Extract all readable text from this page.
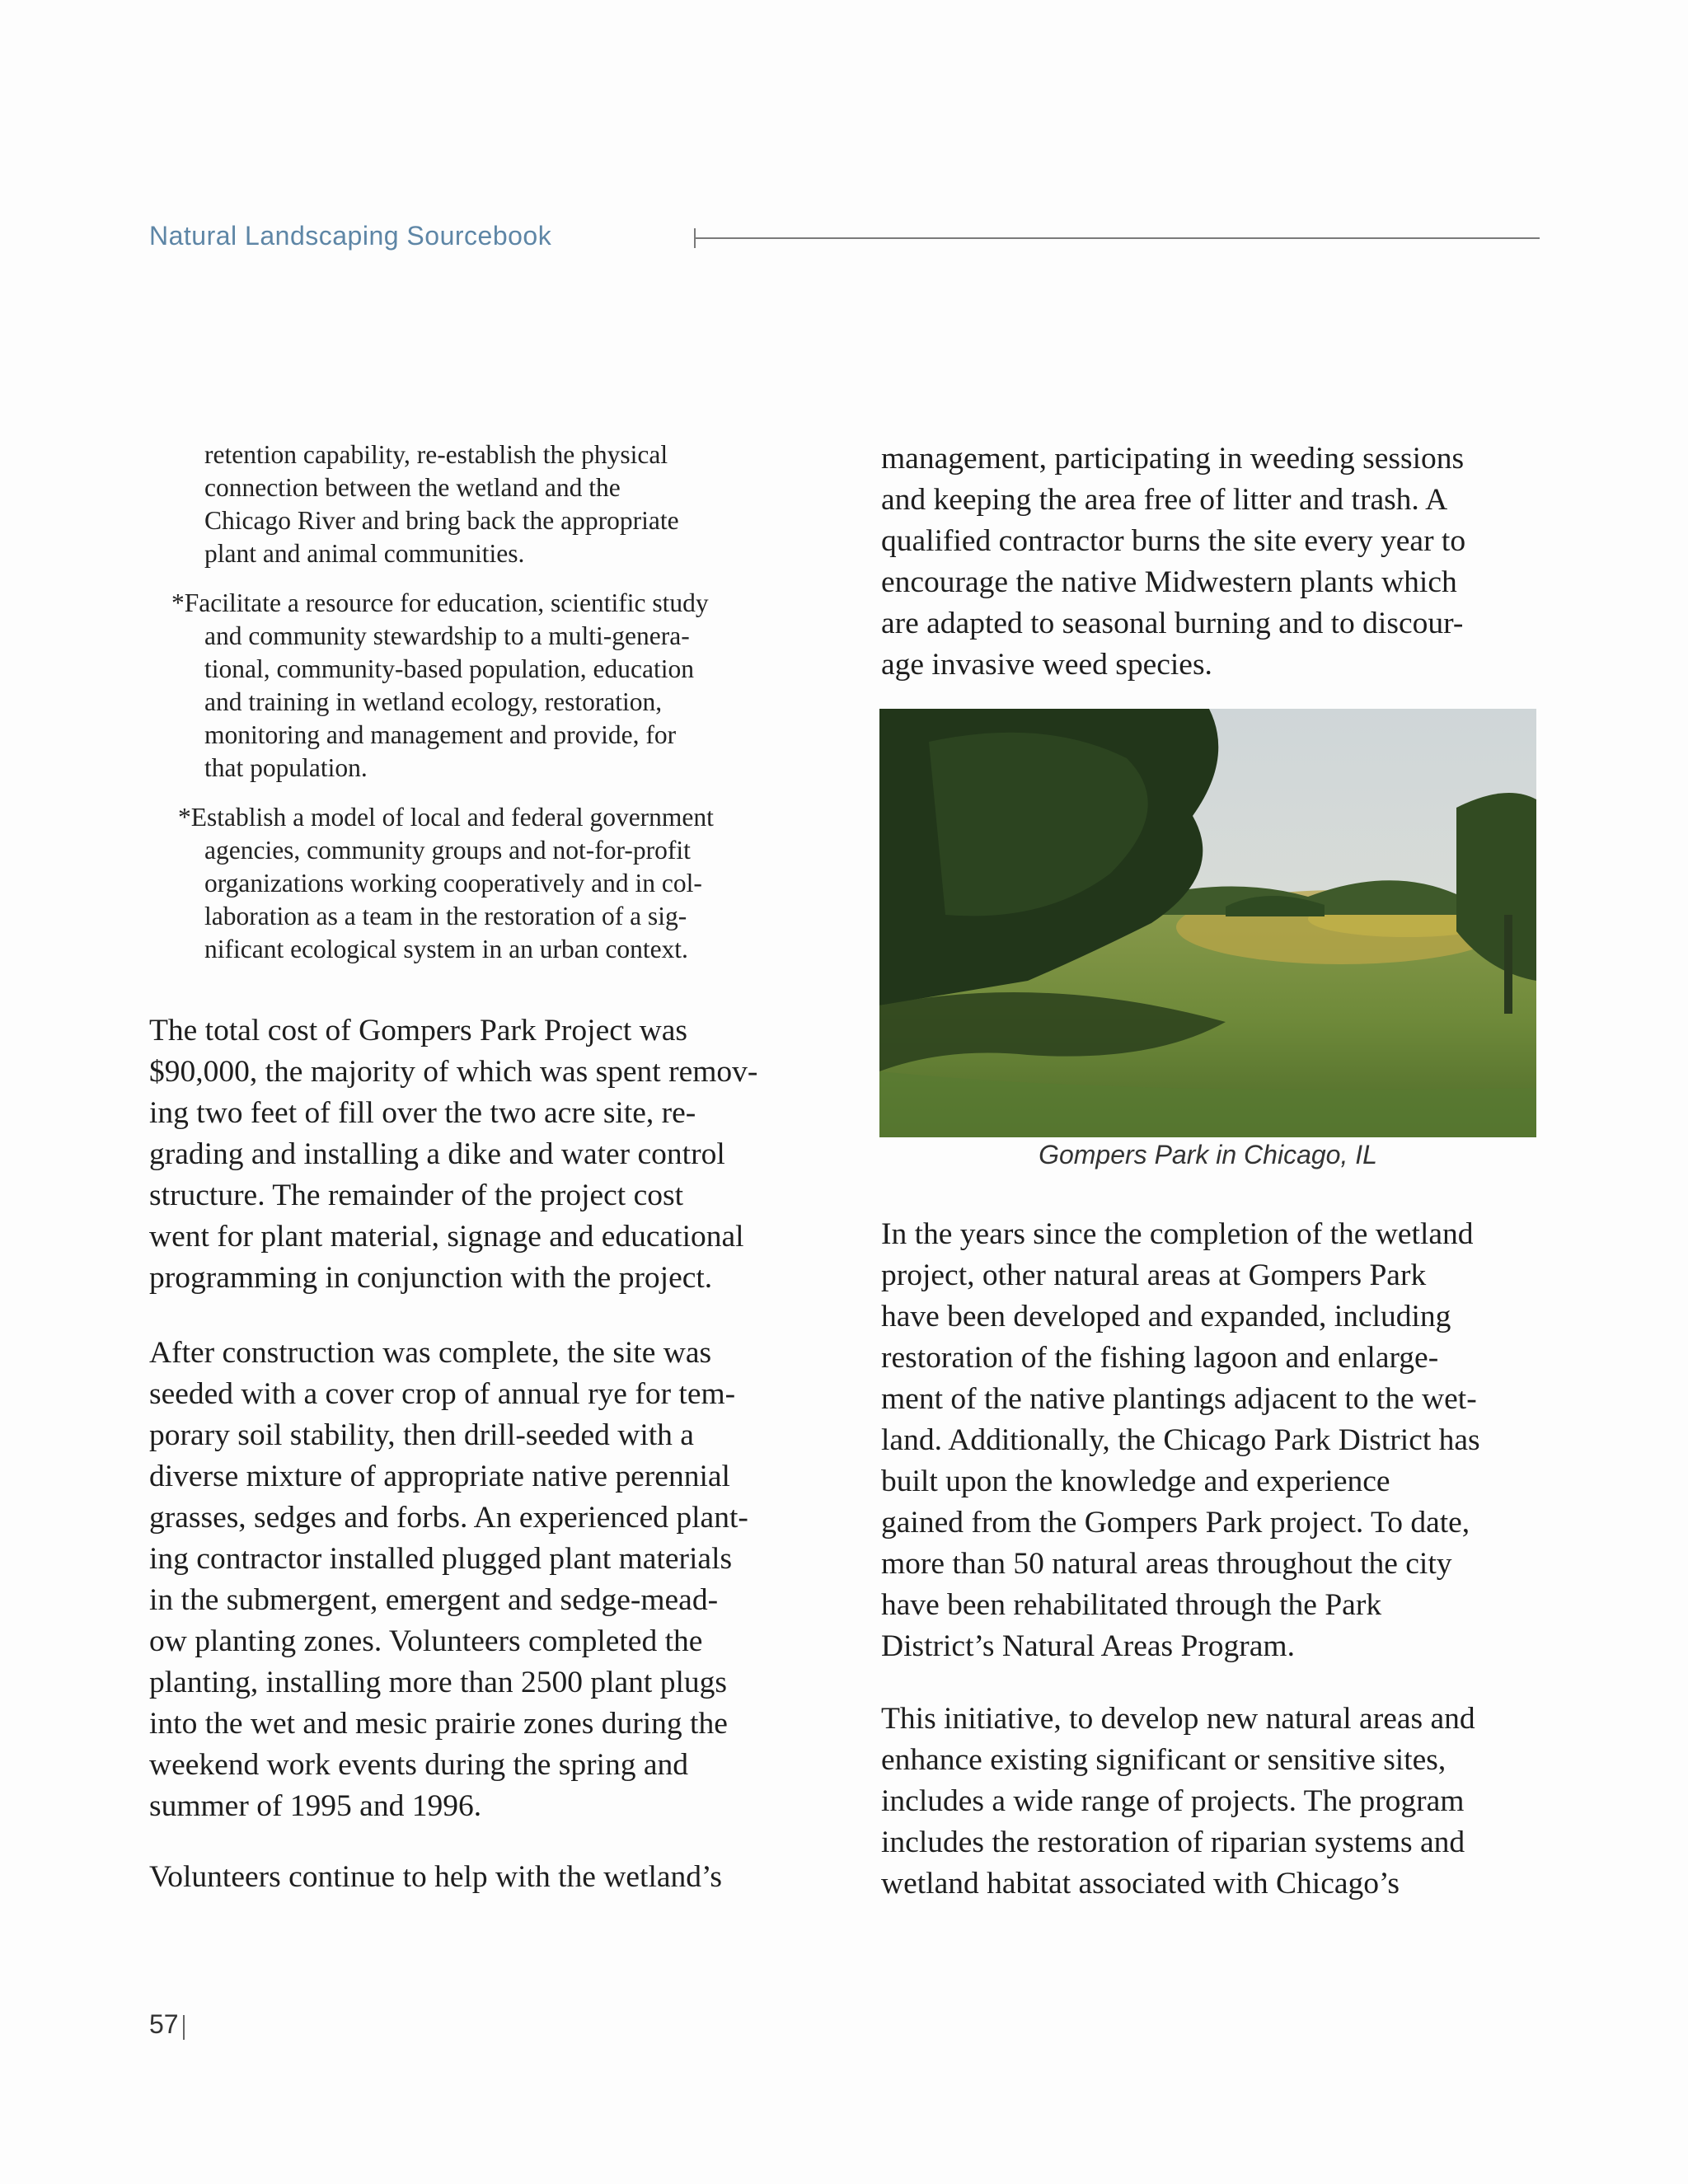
Natural Landscaping Sourcebook

retention capability, re-establish the physical
connection between the wetland and the
Chicago River and bring back the appropriate
plant and animal communities.

*Facilitate a resource for education, scientific study
and community stewardship to a multi-genera-
tional, community-based population, education
and training in wetland ecology, restoration,
monitoring and management and provide, for
that population.

*Establish a model of local and federal government
agencies, community groups and not-for-profit
organizations working cooperatively and in col-
laboration as a team in the restoration of a sig-
nificant ecological system in an urban context.

The total cost of Gompers Park Project was
$90,000, the majority of which was spent remov-
ing two feet of fill over the two acre site, re-
grading and installing a dike and water control
structure. The remainder of the project cost
went for plant material, signage and educational
programming in conjunction with the project.

After construction was complete, the site was
seeded with a cover crop of annual rye for tem-
porary soil stability, then drill-seeded with a
diverse mixture of appropriate native perennial
grasses, sedges and forbs. An experienced plant-
ing contractor installed plugged plant materials
in the submergent, emergent and sedge-mead-
ow planting zones. Volunteers completed the
planting, installing more than 2500 plant plugs
into the wet and mesic prairie zones during the
weekend work events during the spring and
summer of 1995 and 1996.

Volunteers continue to help with the wetland’s

management, participating in weeding sessions
and keeping the area free of litter and trash. A
qualified contractor burns the site every year to
encourage the native Midwestern plants which
are adapted to seasonal burning and to discour-
age invasive weed species.

In the years since the completion of the wetland
project, other natural areas at Gompers Park
have been developed and expanded, including
restoration of the fishing lagoon and enlarge-
ment of the native plantings adjacent to the wet-
land. Additionally, the Chicago Park District has
built upon the knowledge and experience
gained from the Gompers Park project. To date,
more than 50 natural areas throughout the city
have been rehabilitated through the Park
District’s Natural Areas Program.

This initiative, to develop new natural areas and
enhance existing significant or sensitive sites,
includes a wide range of projects. The program
includes the restoration of riparian systems and
wetland habitat associated with Chicago’s

Gompers Park in Chicago, IL
57
